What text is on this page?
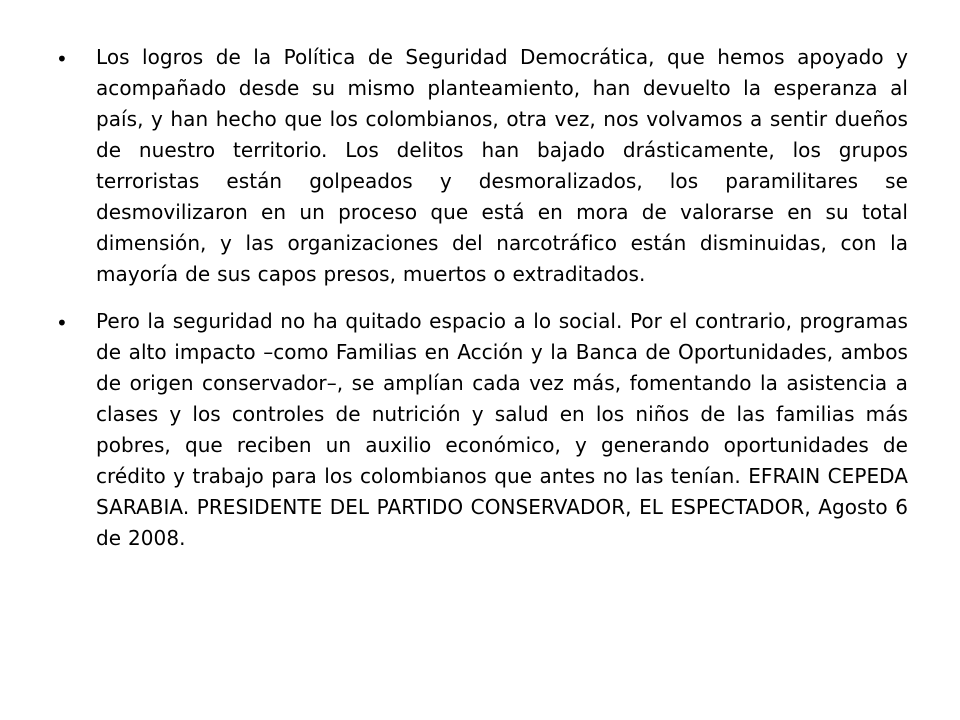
• Los logros de la Política de Seguridad Democrática, que hemos apoyado y acompañado desde su mismo planteamiento, han devuelto la esperanza al país, y han hecho que los colombianos, otra vez, nos volvamos a sentir dueños de nuestro territorio. Los delitos han bajado drásticamente, los grupos terroristas están golpeados y desmoralizados, los paramilitares se desmovilizaron en un proceso que está en mora de valorarse en su total dimensión, y las organizaciones del narcotráfico están disminuidas, con la mayoría de sus capos presos, muertos o extraditados.
• Pero la seguridad no ha quitado espacio a lo social. Por el contrario, programas de alto impacto –como Familias en Acción y la Banca de Oportunidades, ambos de origen conservador–, se amplían cada vez más, fomentando la asistencia a clases y los controles de nutrición y salud en los niños de las familias más pobres, que reciben un auxilio económico, y generando oportunidades de crédito y trabajo para los colombianos que antes no las tenían. EFRAIN CEPEDA SARABIA. PRESIDENTE DEL PARTIDO CONSERVADOR, EL ESPECTADOR, Agosto 6 de 2008.
